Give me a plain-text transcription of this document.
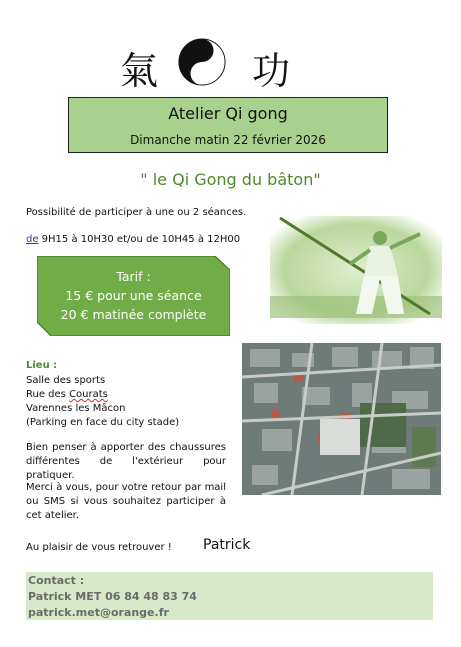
氣 功
Atelier Qi gong
Dimanche matin 22 février 2026
" le Qi Gong du bâton"
Possibilité de participer à une ou 2 séances.
de 9H15 à 10H30 et/ou de 10H45 à 12H00
Tarif :
15 € pour une séance
20 € matinée complète
Lieu :
Salle des sports
Rue des Courats
Varennes les Mâcon
(Parking en face du city stade)
Bien penser à apporter des chaussures différentes de l'extérieur pour pratiquer.
Merci à vous, pour votre retour par mail ou SMS si vous souhaitez participer à cet atelier.
Au plaisir de vous retrouver ! Patrick
Contact :
Patrick MET 06 84 48 83 74
patrick.met@orange.fr
